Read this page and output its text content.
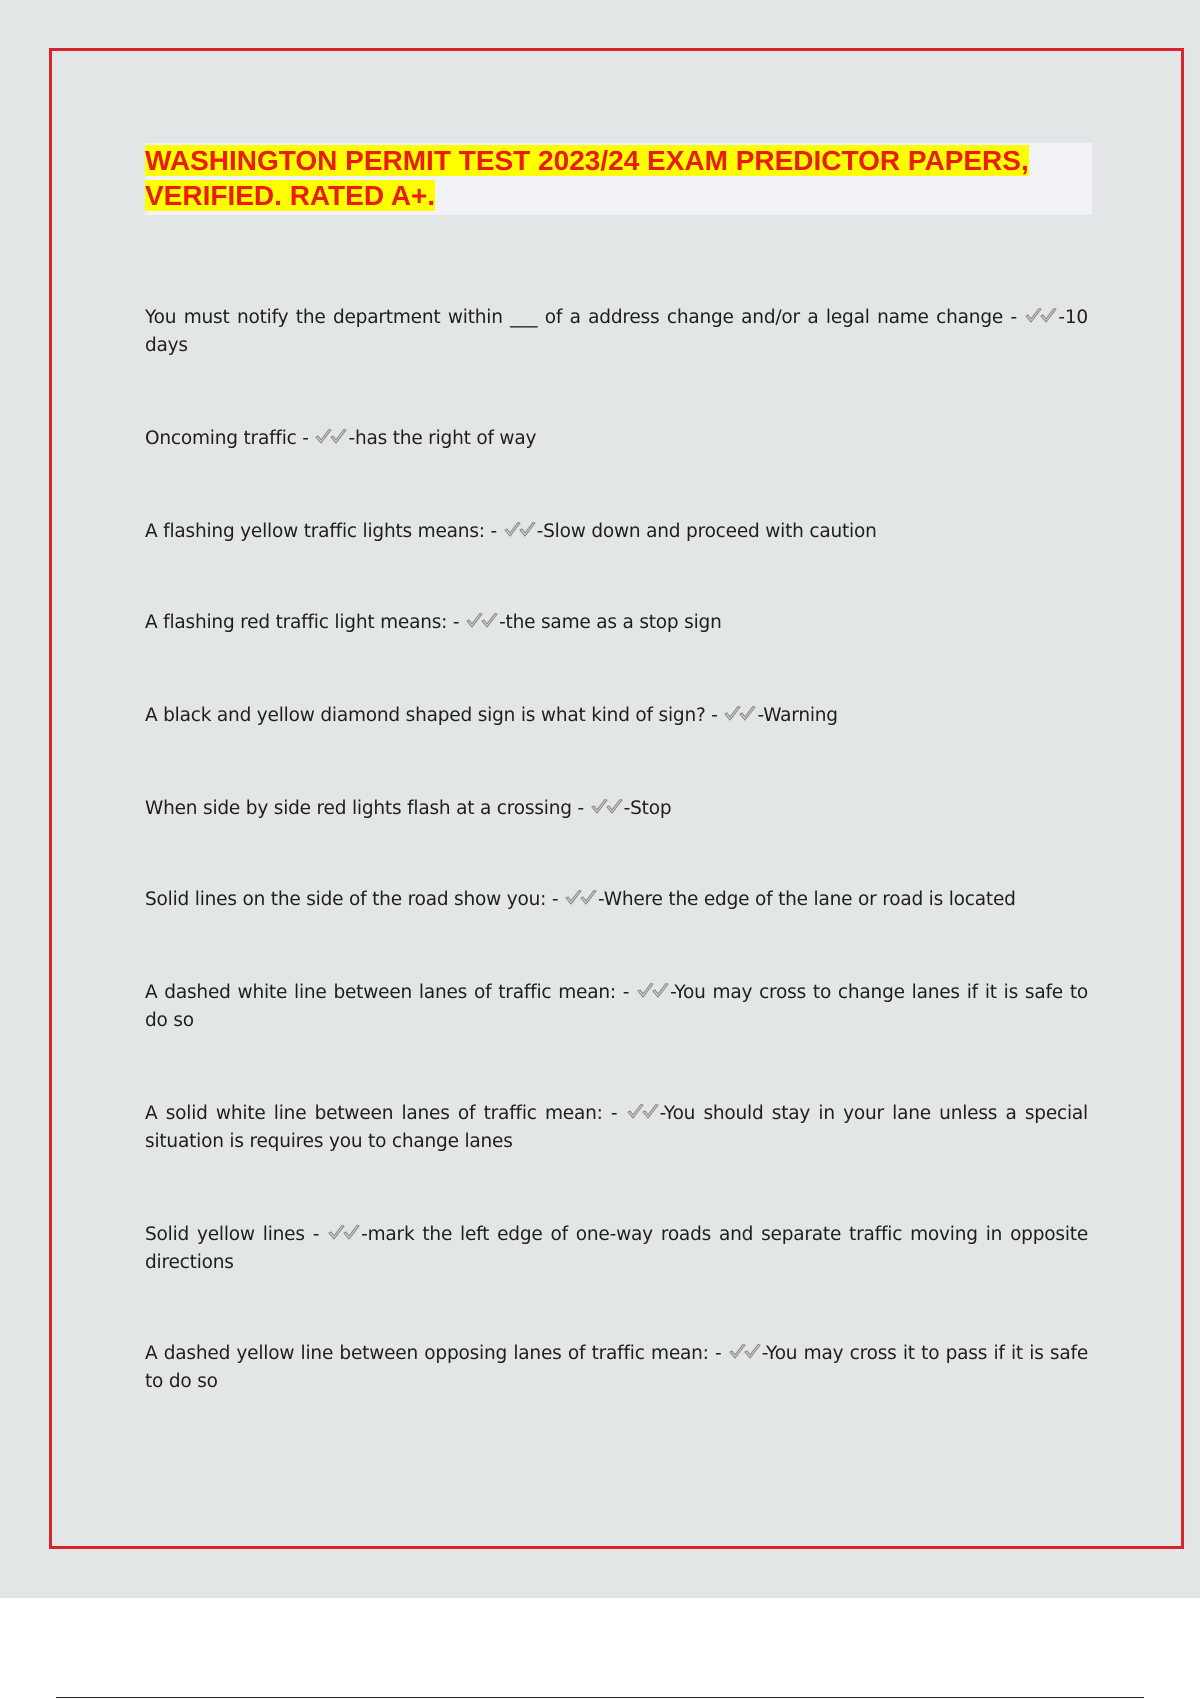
WASHINGTON PERMIT TEST 2023/24 EXAM PREDICTOR PAPERS, VERIFIED. RATED A+.

You must notify the department within ___ of a address change and/or a legal name change - -10 days

Oncoming traffic - -has the right of way

A flashing yellow traffic lights means: - -Slow down and proceed with caution

A flashing red traffic light means: - -the same as a stop sign

A black and yellow diamond shaped sign is what kind of sign? - -Warning

When side by side red lights flash at a crossing - -Stop

Solid lines on the side of the road show you: - -Where the edge of the lane or road is located

A dashed white line between lanes of traffic mean: - -You may cross to change lanes if it is safe to do so

A solid white line between lanes of traffic mean: - -You should stay in your lane unless a special situation is requires you to change lanes

Solid yellow lines - -mark the left edge of one-way roads and separate traffic moving in opposite directions

A dashed yellow line between opposing lanes of traffic mean: - -You may cross it to pass if it is safe to do so
